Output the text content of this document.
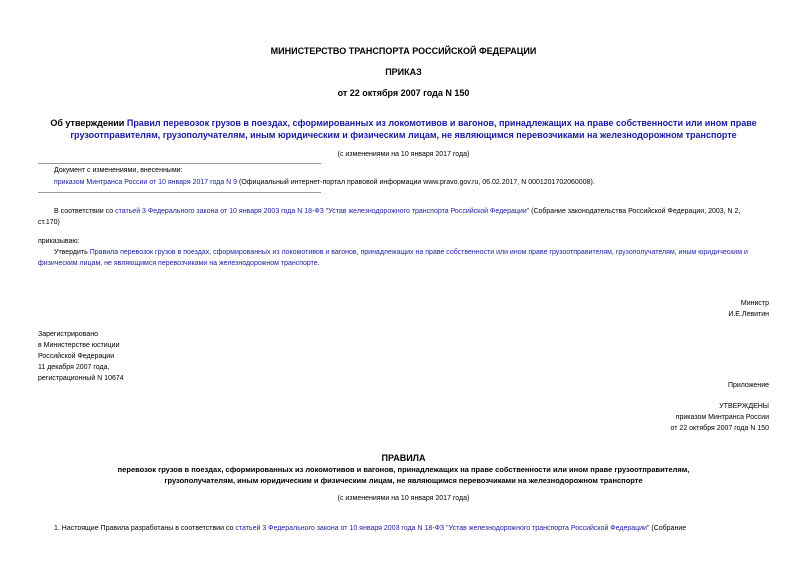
МИНИСТЕРСТВО ТРАНСПОРТА РОССИЙСКОЙ ФЕДЕРАЦИИ
ПРИКАЗ
от 22 октября 2007 года N 150
Об утверждении Правил перевозок грузов в поездах, сформированных из локомотивов и вагонов, принадлежащих на праве собственности или ином праве
грузоотправителям, грузополучателям, иным юридическим и физическим лицам, не являющимся перевозчиками на железнодорожном транспорте
(с изменениями на 10 января 2017 года)
Документ с изменениями, внесенными:
приказом Минтранса России от 10 января 2017 года N 9 (Официальный интернет-портал правовой информации www.pravo.gov.ru, 06.02.2017, N 0001201702060008).
В соответствии со статьей 3 Федерального закона от 10 января 2003 года N 18-ФЗ "Устав железнодорожного транспорта Российской Федерации" (Собрание законодательства Российской Федерации, 2003, N 2,
ст.170)
приказываю:
Утвердить Правила перевозок грузов в поездах, сформированных из локомотивов и вагонов, принадлежащих на праве собственности или ином праве грузоотправителям, грузополучателям, иным юридическим и
физическим лицам, не являющимся перевозчиками на железнодорожном транспорте.
Министр
И.Е.Левитин
Зарегистрировано
в Министерстве юстиции
Российской Федерации
11 декабря 2007 года,
регистрационный N 10674
Приложение
УТВЕРЖДЕНЫ
приказом Минтранса России
от 22 октября 2007 года N 150
ПРАВИЛА
перевозок грузов в поездах, сформированных из локомотивов и вагонов, принадлежащих на праве собственности или ином праве грузоотправителям,
грузополучателям, иным юридическим и физическим лицам, не являющимся перевозчиками на железнодорожном транспорте
(с изменениями на 10 января 2017 года)
1. Настоящие Правила разработаны в соответствии со статьей 3 Федерального закона от 10 января 2003 года N 18-ФЗ "Устав железнодорожного транспорта Российской Федерации" (Собрание
